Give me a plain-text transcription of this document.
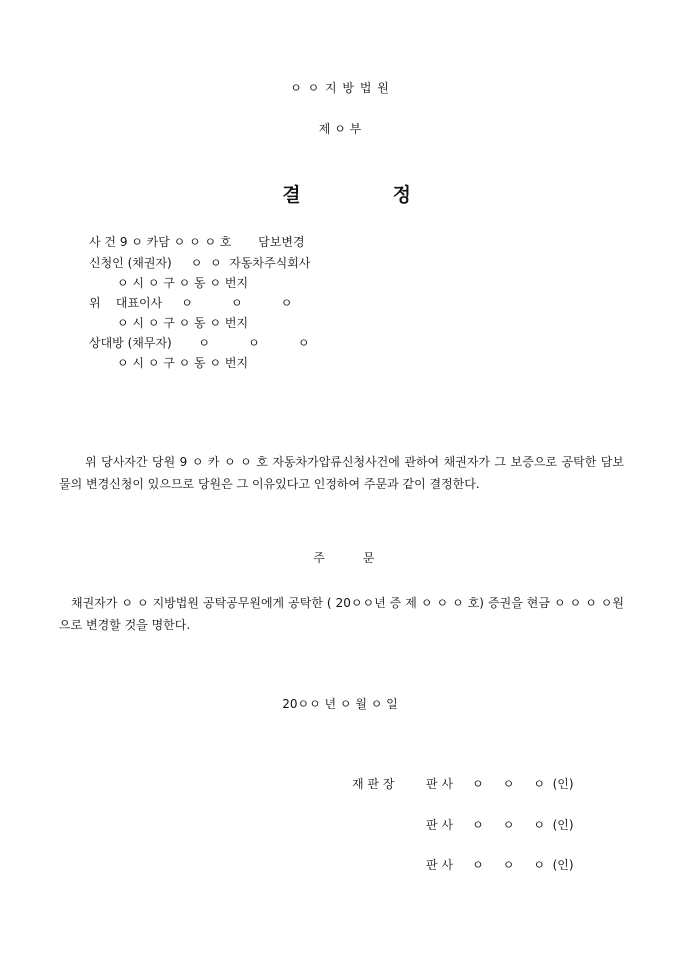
ㅇ ㅇ 지 방 법 원
제 ㅇ 부

결	정

사 건 9 ㅇ 카담 ㅇ ㅇ ㅇ 호       담보변경
신청인 (채권자)     ㅇ  ㅇ  자동차주식회사
ㅇ 시 ㅇ 구 ㅇ 동 ㅇ 번지
위    대표이사     ㅇ          ㅇ          ㅇ
ㅇ 시 ㅇ 구 ㅇ 동 ㅇ 번지
상대방 (채무자)       ㅇ          ㅇ          ㅇ
ㅇ 시 ㅇ 구 ㅇ 동 ㅇ 번지
위 당사자간 당원 9 ㅇ 카 ㅇ ㅇ 호 자동차가압류신청사건에 관하여 채권자가 그 보증으로 공탁한 담보물의 변경신청이 있으므로 당원은 그 이유있다고 인정하여 주문과 같이 결정한다.

주	문

채권자가 ㅇ ㅇ 지방법원 공탁공무원에게 공탁한 ( 20ㅇㅇ년 증 제 ㅇ ㅇ ㅇ 호) 증권을 현금 ㅇ ㅇ ㅇ ㅇ원으로 변경할 것을 명한다.
20ㅇㅇ 년 ㅇ 월 ㅇ 일
재 판 장	판 사     ㅇ     ㅇ     ㅇ  (인)
판 사     ㅇ     ㅇ     ㅇ  (인)
판 사     ㅇ     ㅇ     ㅇ  (인)
